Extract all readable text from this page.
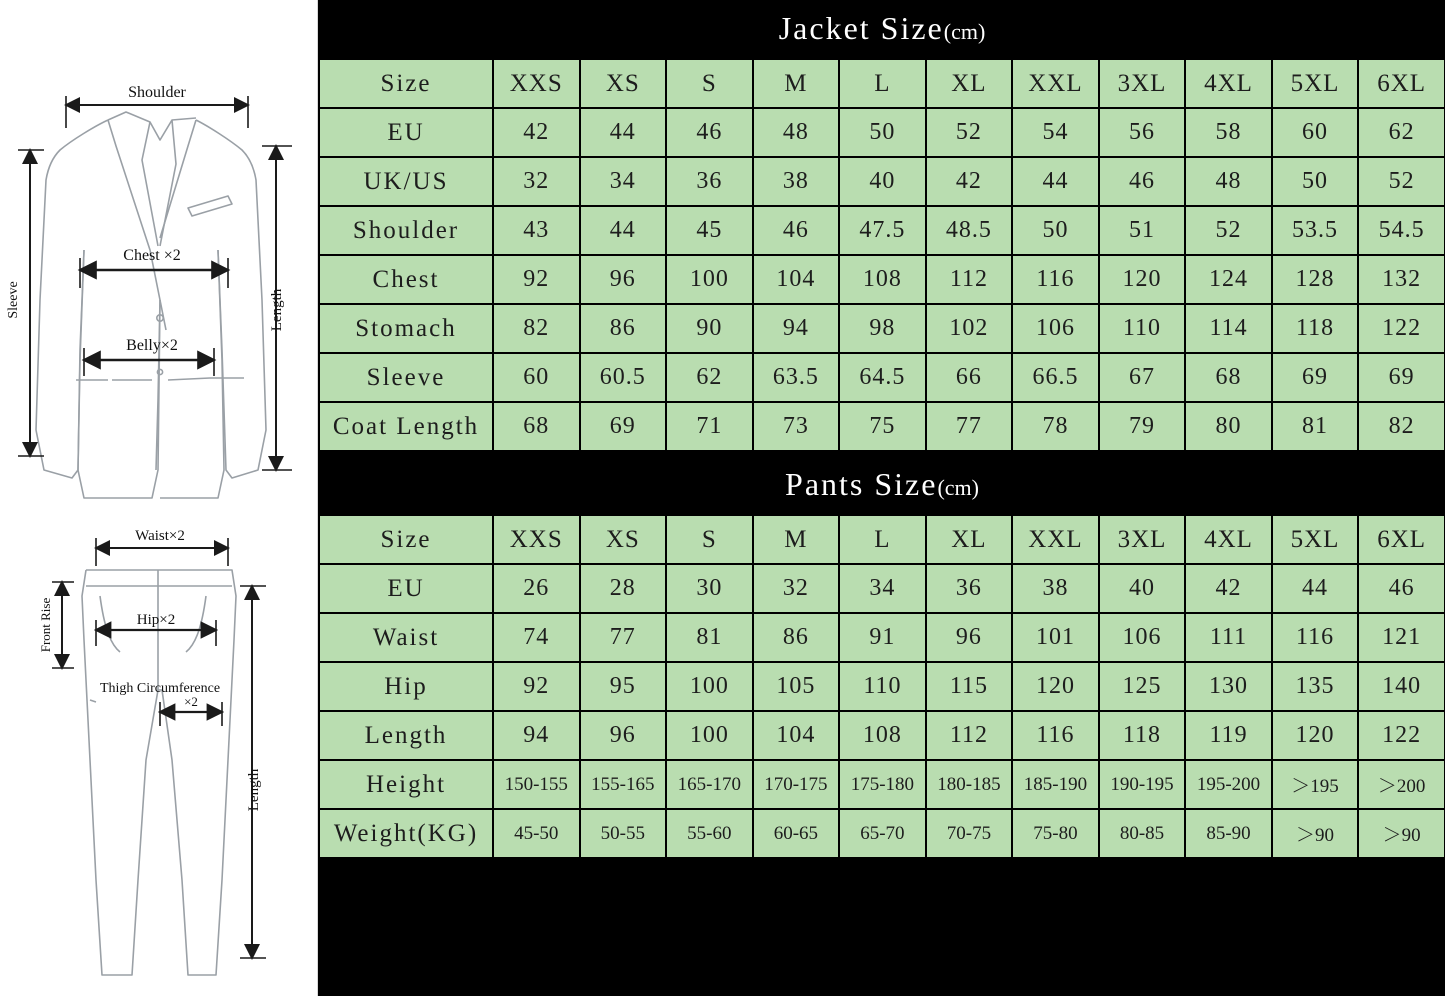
Shoulder
Length
Sleeve
Chest ×2
Belly×2
Waist×2
Front Rise	Hip×2
Thigh Circumference
×2
Length
Jacket Size(cm)
Size	XXS	XS	S	M	L	XL	XXL	3XL	4XL	5XL	6XL
EU	42	44	46	48	50	52	54	56	58	60	62
UK/US	32	34	36	38	40	42	44	46	48	50	52
Shoulder	43	44	45	46	47.5	48.5	50	51	52	53.5	54.5
Chest	92	96	100	104	108	112	116	120	124	128	132
Stomach	82	86	90	94	98	102	106	110	114	118	122
Sleeve	60	60.5	62	63.5	64.5	66	66.5	67	68	69	69
Coat Length	68	69	71	73	75	77	78	79	80	81	82
Pants Size(cm)
Size	XXS	XS	S	M	L	XL	XXL	3XL	4XL	5XL	6XL
EU	26	28	30	32	34	36	38	40	42	44	46
Waist	74	77	81	86	91	96	101	106	111	116	121
Hip	92	95	100	105	110	115	120	125	130	135	140
Length	94	96	100	104	108	112	116	118	119	120	122
Height	150-155	155-165	165-170	170-175	175-180	180-185	185-190	190-195	195-200	＞195	＞200
Weight(KG)	45-50	50-55	55-60	60-65	65-70	70-75	75-80	80-85	85-90	＞90	＞90
